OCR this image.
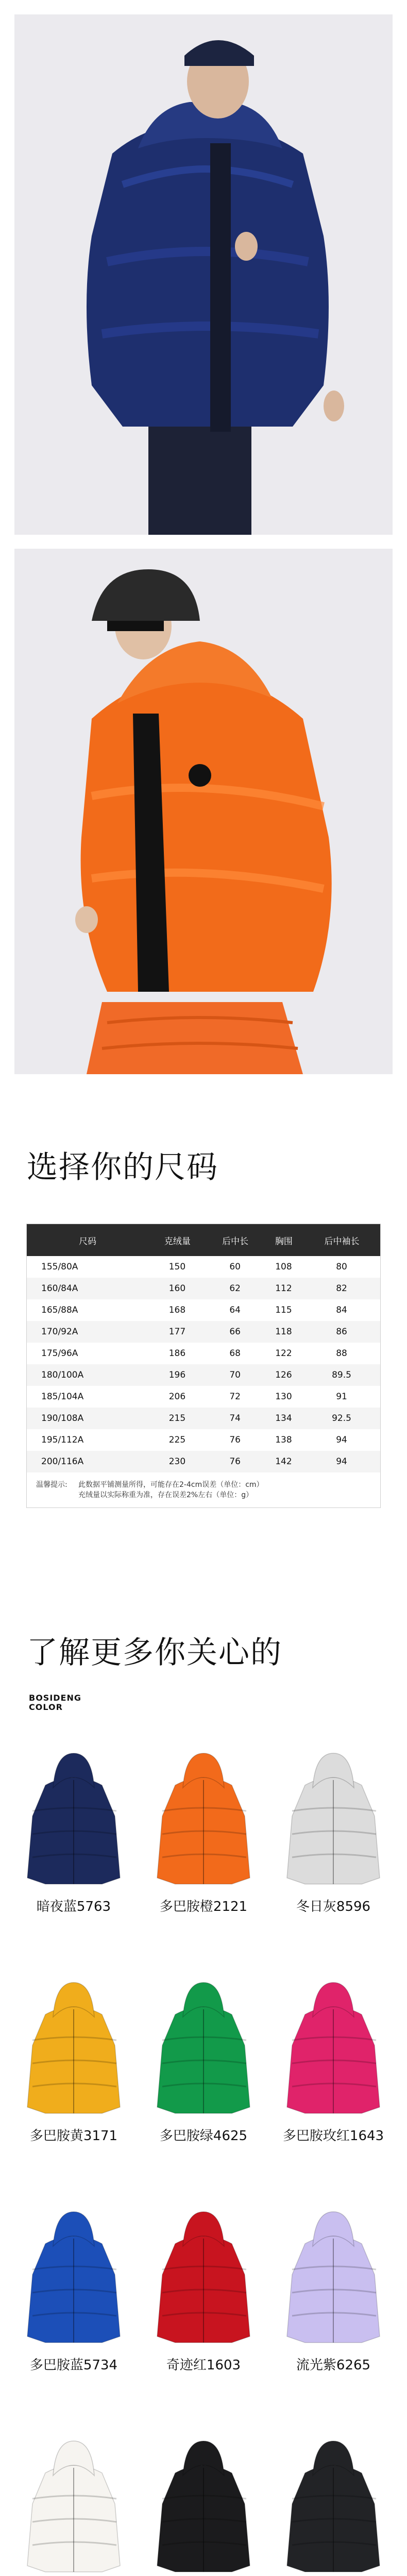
选择你的尺码
尺码	克绒量	后中长	胸围	后中袖长
155/80A	150	60	108	80
160/84A	160	62	112	82
165/88A	168	64	115	84
170/92A	177	66	118	86
175/96A	186	68	122	88
180/100A	196	70	126	89.5
185/104A	206	72	130	91
190/108A	215	74	134	92.5
195/112A	225	76	138	94
200/116A	230	76	142	94

温馨提示: 此数据平铺测量所得，可能存在2-4cm误差（单位：cm）
充绒量以实际称重为准，存在误差2%左右（单位：g）				
了解更多你关心的
BOSIDENG
COLOR
暗夜蓝5763	多巴胺橙2121	冬日灰8596
多巴胺黄3171	多巴胺绿4625	多巴胺玫红1643
多巴胺蓝5734	奇迹红1603	流光紫6265
